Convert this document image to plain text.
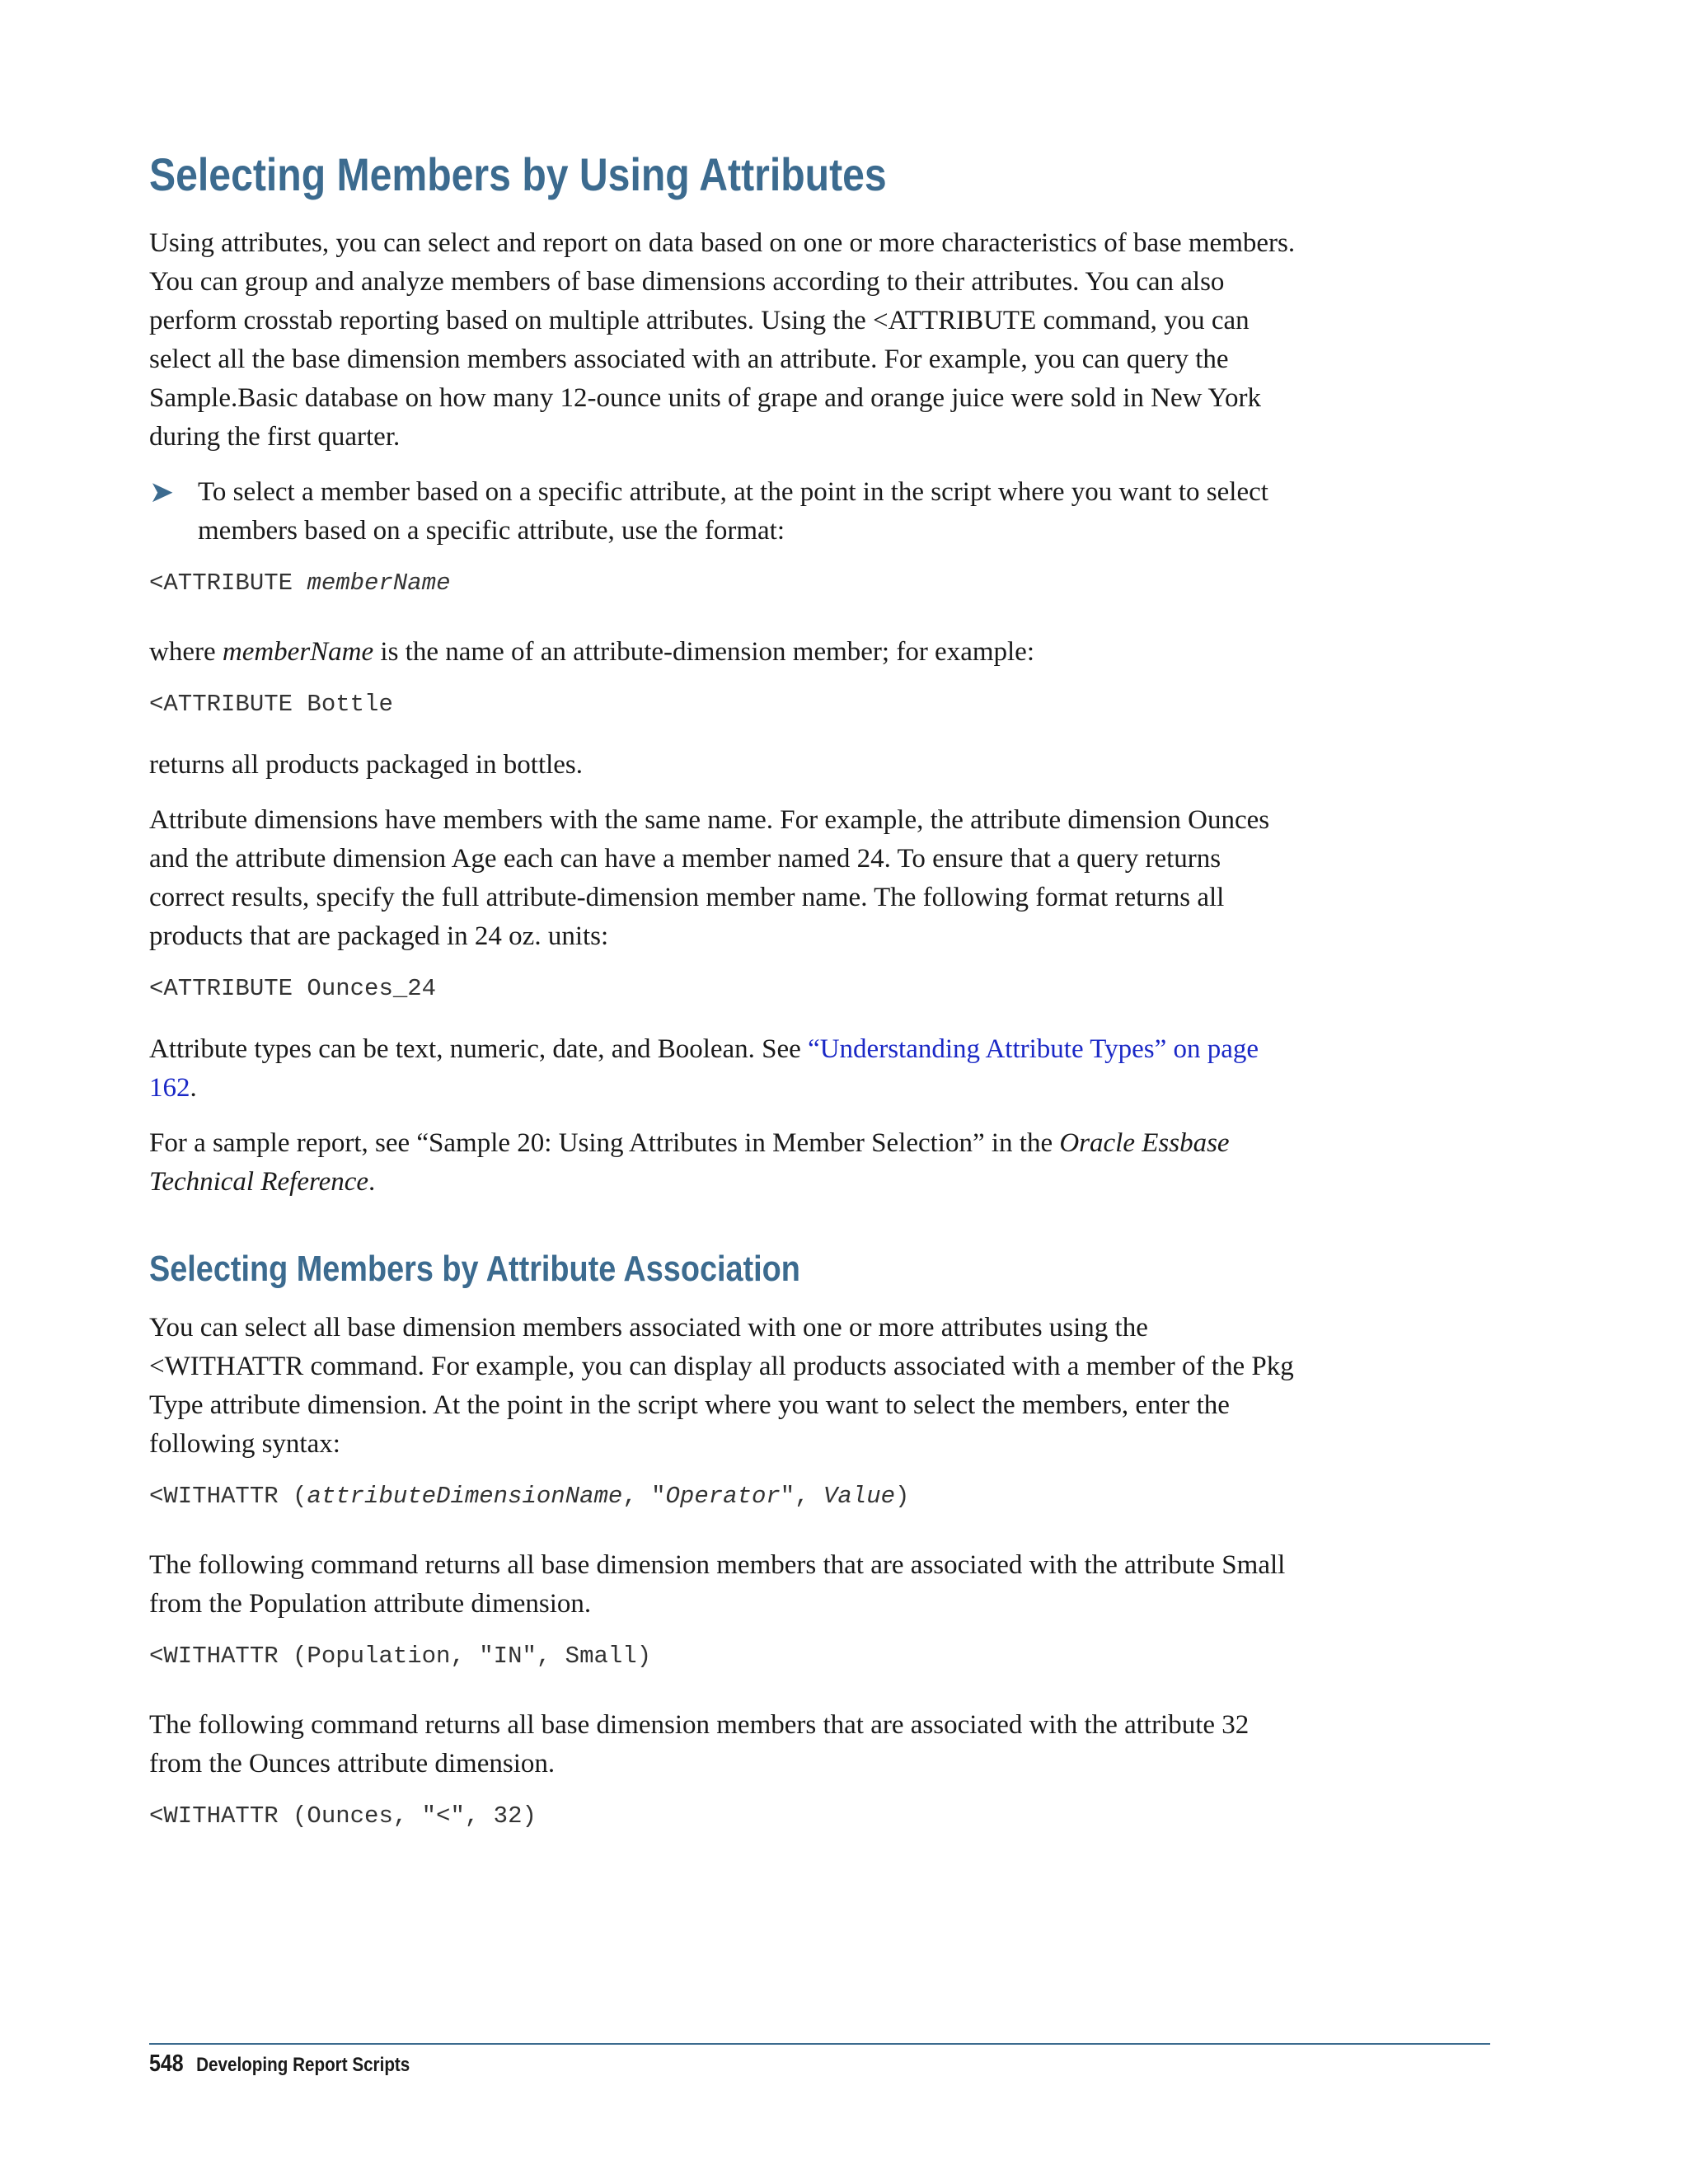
Selecting Members by Using Attributes

Using attributes, you can select and report on data based on one or more characteristics of base members. You can group and analyze members of base dimensions according to their attributes. You can also perform crosstab reporting based on multiple attributes. Using the <ATTRIBUTE command, you can select all the base dimension members associated with an attribute. For example, you can query the Sample.Basic database on how many 12-ounce units of grape and orange juice were sold in New York during the first quarter.

➤ To select a member based on a specific attribute, at the point in the script where you want to select members based on a specific attribute, use the format:

<ATTRIBUTE memberName

where memberName is the name of an attribute-dimension member; for example:

<ATTRIBUTE Bottle

returns all products packaged in bottles.

Attribute dimensions have members with the same name. For example, the attribute dimension Ounces and the attribute dimension Age each can have a member named 24. To ensure that a query returns correct results, specify the full attribute-dimension member name. The following format returns all products that are packaged in 24 oz. units:

<ATTRIBUTE Ounces_24

Attribute types can be text, numeric, date, and Boolean. See “Understanding Attribute Types” on page 162.

For a sample report, see “Sample 20: Using Attributes in Member Selection” in the Oracle Essbase Technical Reference.

Selecting Members by Attribute Association

You can select all base dimension members associated with one or more attributes using the <WITHATTR command. For example, you can display all products associated with a member of the Pkg Type attribute dimension. At the point in the script where you want to select the members, enter the following syntax:

<WITHATTR (attributeDimensionName, "Operator", Value)

The following command returns all base dimension members that are associated with the attribute Small from the Population attribute dimension.

<WITHATTR (Population, "IN", Small)

The following command returns all base dimension members that are associated with the attribute 32 from the Ounces attribute dimension.

<WITHATTR (Ounces, "<", 32)
548 Developing Report Scripts
